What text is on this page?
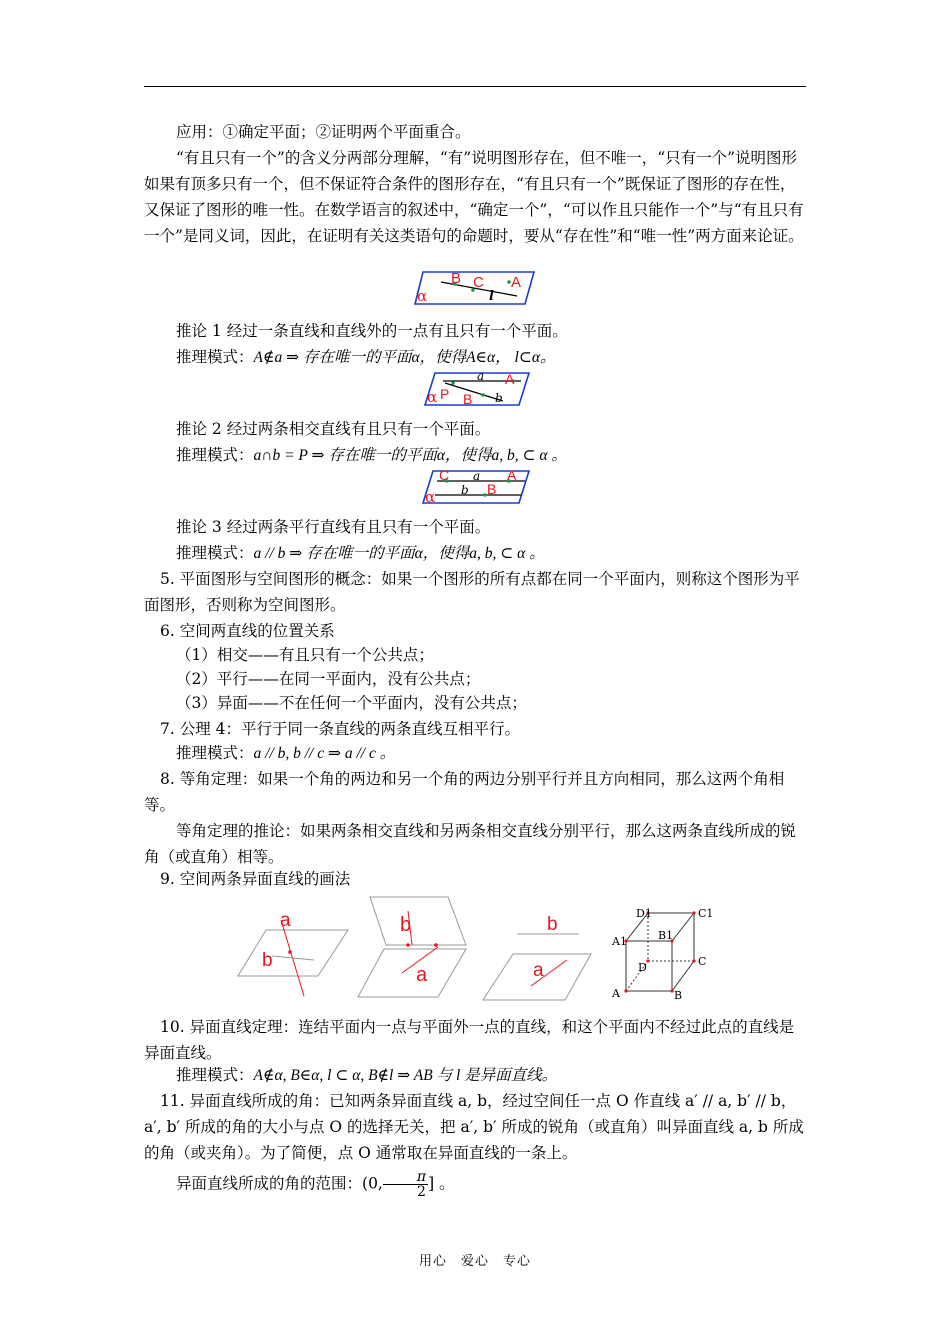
应用：①确定平面；②证明两个平面重合。

“有且只有一个”的含义分两部分理解，“有”说明图形存在，但不唯一，“只有一个”说明图形如果有顶多只有一个，但不保证符合条件的图形存在，“有且只有一个”既保证了图形的存在性，又保证了图形的唯一性。在数学语言的叙述中，“确定一个”，“可以作且只能作一个”与“有且只有一个”是同义词，因此，在证明有关这类语句的命题时，要从“存在性”和“唯一性”两方面来论证。

B C A
l
α

推论 1 经过一条直线和直线外的一点有且只有一个平面。

推理模式：A∉a ⇒ 存在唯一的平面α，使得A∈α， l⊂α。

a A
α P B b

推论 2 经过两条相交直线有且只有一个平面。

推理模式：a∩b = P ⇒ 存在唯一的平面α，使得a, b, ⊂ α 。

C a A
b B
α

推论 3 经过两条平行直线有且只有一个平面。

推理模式：a // b ⇒ 存在唯一的平面α，使得a, b, ⊂ α 。

5. 平面图形与空间图形的概念：如果一个图形的所有点都在同一个平面内，则称这个图形为平面图形，否则称为空间图形。

6. 空间两直线的位置关系

（1）相交——有且只有一个公共点；

（2）平行——在同一平面内，没有公共点；

（3）异面——不在任何一个平面内，没有公共点；

7. 公理 4：平行于同一条直线的两条直线互相平行。

推理模式：a // b, b // c ⇒ a // c 。

8. 等角定理：如果一个角的两边和另一个角的两边分别平行并且方向相同，那么这两个角相等。

等角定理的推论：如果两条相交直线和另两条相交直线分别平行，那么这两条直线所成的锐角（或直角）相等。

9. 空间两条异面直线的画法

a
b
b
a
b
a
D1	C1
A1	B1
D	C
A	B

10. 异面直线定理：连结平面内一点与平面外一点的直线，和这个平面内不经过此点的直线是异面直线。

推理模式：A∉α, B∈α, l ⊂ α, B∉l ⇒ AB 与 l 是异面直线。

11. 异面直线所成的角：已知两条异面直线 a, b，经过空间任一点 O 作直线 a′ // a, b′ // b，a′, b′ 所成的角的大小与点 O 的选择无关，把 a′, b′ 所成的锐角（或直角）叫异面直线 a, b 所成的角（或夹角）。为了简便，点 O 通常取在异面直线的一条上。

异面直线所成的角的范围：(0, $\frac{\pi}{2}$ ] 。

用心　爱心　专心
